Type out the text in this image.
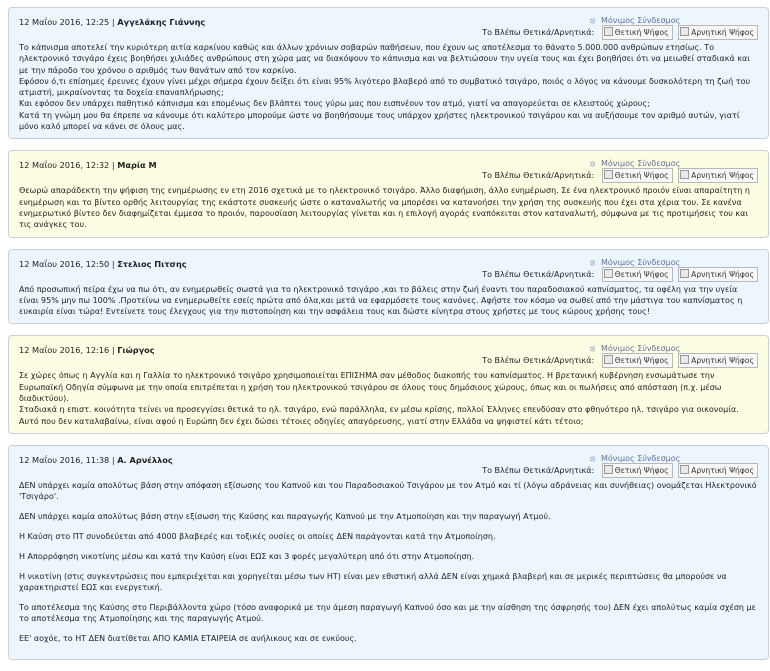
12 Μαΐου 2016, 12:25 | Αγγελάκης Γιάννης	⦻ Μόνιμος Σύνδεσμος
Το Βλέπω Θετικά/Αρνητικά:	Θετική Ψήφος	Αρνητική Ψήφος

Το κάπνισμα αποτελεί την κυριότερη αιτία καρκίνου καθώς και άλλων χρόνιων σοβαρών παθήσεων, που έχουν ως αποτέλεσμα το θάνατο 5.000.000 ανθρώπων ετησίως. Το ηλεκτρονικό τσιγάρο έχεις βοηθήσει χιλιάδες ανθρώπους στη χώρα μας να διακόψουν το κάπνισμα και να βελτιώσουν την υγεία τους και έχει βοηθήσει ότι να μειωθεί σταδιακά και με την πάροδο του χρόνου ο αριθμός των θανάτων από τον καρκίνο.

Εφόσον ό,τι επίσημες έρευνες έχουν γίνει μέχρι σήμερα έχουν δείξει ότι είναι 95% λιγότερο βλαβερό από το συμβατικό τσιγάρο, ποιός ο λόγος να κάνουμε δυσκολότερη τη ζωή του ατμιστή, μικραίνοντας τα δοχεία επαναπλήρωσης;

Και εφόσον δεν υπάρχει παθητικό κάπνισμα και επομένως δεν βλάπτει τους γύρω μας που εισπνέουν τον ατμό, γιατί να απαγορεύεται σε κλειστούς χώρους;

Κατά τη γνώμη μου θα έπρεπε να κάνουμε ότι καλύτερο μπορούμε ώστε να βοηθήσουμε τους υπάρχον χρήστες ηλεκτρονικού τσιγάρου και να αυξήσουμε τον αριθμό αυτών, γιατί μόνο καλό μπορεί να κάνει σε όλους μας.

12 Μαΐου 2016, 12:32 | Μαρία Μ	⦻ Μόνιμος Σύνδεσμος
Το Βλέπω Θετικά/Αρνητικά:	Θετική Ψήφος	Αρνητική Ψήφος

Θεωρώ απαράδεκτη την ψήφιση της ενημέρωσης εν ετη 2016 σχετικά με το ηλεκτρονικό τσιγάρο. Άλλο διαφήμιση, άλλο ενημέρωση. Σε ένα ηλεκτρονικό προιόν είναι απαραίτητη η ενημέρωση και το βίντεο ορθής λειτουργίας της εκάστοτε συσκευής ώστε ο καταναλωτής να μπορέσει να κατανοήσει την χρήση της συσκευής που έχει στα χέρια του. Σε κανένα ενημερωτικό βίντεο δεν διαφημίζεται έμμεσα το προιόν, παρουσίαση λειτουργίας γίνεται και η επιλογή αγοράς εναπόκειται στον καταναλωτή, σύμφωνα με τις προτιμήσεις του και τις ανάγκες του.

12 Μαΐου 2016, 12:50 | Στελιος Πιτσης	⦻ Μόνιμος Σύνδεσμος
Το Βλέπω Θετικά/Αρνητικά:	Θετική Ψήφος	Αρνητική Ψήφος

Από προσωπική πείρα έχω να πω ότι, αν ενημερωθείς σωστά για το ηλεκτρονικό τσιγάρο ,και το βάλεις στην ζωή έναντι του παραδοσιακού καπνίσματος, τα οφέλη για την υγεία είναι 95% μην πω 100% .Προτείνω να ενημερωθείτε εσείς πρώτα από όλα,και μετά να εφαρμόσετε τους κανόνες. Αφήστε τον κόσμο να σωθεί από την μάστιγα του καπνίσματος η ευκαιρία είναι τώρα! Εντείνετε τους έλεγχους για την πιστοποίηση και την ασφάλεια τους και δώστε κίνητρα στους χρήστες με τους κώρους χρήσης τους!

12 Μαΐου 2016, 12:16 | Γιώργος	⦻ Μόνιμος Σύνδεσμος
Το Βλέπω Θετικά/Αρνητικά:	Θετική Ψήφος	Αρνητική Ψήφος

Σε χώρες όπως η Αγγλία και η Γαλλία το ηλεκτρονικό τσιγάρο χρησιμοποιείται ΕΠΙΣΗΜΑ σαν μέθοδος διακοπής του καπνίσματος. Η βρετανική κυβέρνηση ενσωμάτωσε την Ευρωπαϊκή Οδηγία σύμφωνα με την οποία επιτρέπεται η χρήση του ηλεκτρονικού τσιγάρου σε όλους τους δημόσιους χώρους, όπως και οι πωλήσεις από απόσταση (π.χ. μέσω διαδικτύου).

Σταδιακά η επιστ. κοινότητα τείνει να προσεγγίσει θετικά το ηλ. τσιγάρο, ενώ παράλληλα, εν μέσω κρίσης, πολλοί Έλληνες επενδύσαν στο φθηνότερο ηλ. τσιγάρο για οικονομία.

Αυτό που δεν καταλαβαίνω, είναι αφού η Ευρώπη δεν έχει δώσει τέτοιες οδηγίες απαγόρευσης, γιατί στην Ελλάδα να ψηφιστεί κάτι τέτοιο;

12 Μαΐου 2016, 11:38 | Α. Αρνέλλος	⦻ Μόνιμος Σύνδεσμος
Το Βλέπω Θετικά/Αρνητικά:	Θετική Ψήφος	Αρνητική Ψήφος

ΔΕΝ υπάρχει καμία απολύτως βάση στην απόφαση εξίσωσης του Καπνού και του Παραδοσιακού Τσιγάρου με τον Ατμό και τί (λόγω αδράνειας και συνήθειας) ονομάζεται Ηλεκτρονικό 'Τσιγάρο'.

ΔΕΝ υπάρχει καμία απολύτως βάση στην εξίσωση της Καύσης και παραγωγής Καπνού με την Ατμοποίηση και την παραγωγή Ατμού.

Η Καύση στο ΠΤ συνοδεύεται από 4000 βλαβερές και τοξικές ουσίες οι οποίες ΔΕΝ παράγονται κατά την Ατμοποίηση.

Η Απορρόφηση νικοτίνης μέσω και κατά την Καύση είναι ΕΩΣ και 3 φορές μεγαλύτερη από ότι στην Ατμοποίηση.

Η νικοτίνη (στις συγκεντρώσεις που εμπεριέχεται και χορηγείται μέσω των ΗΤ) είναι μεν εθιστική αλλά ΔΕΝ είναι χημικά βλαβερή και σε μερικές περιπτώσεις θα μπορούσε να χαρακτηριστεί ΕΩΣ και ενεργετική.

Το αποτέλεσμα της Καύσης στο Περιβάλλοντα χώρο (τόσο αναφορικά με την άμεση παραγωγή Καπνού όσο και με την αίσθηση της όσφρησής του) ΔΕΝ έχει απολύτως καμία σχέση με το αποτέλεσμα της Ατμοποίησης και της παραγωγής Ατμού.

ΕΕ' αοχόε, το ΗΤ ΔΕΝ διατίθεται ΑΠΟ ΚΑΜΙΑ ΕΤΑΙΡΕΙΑ σε ανήλικους και σε ενκύους.
